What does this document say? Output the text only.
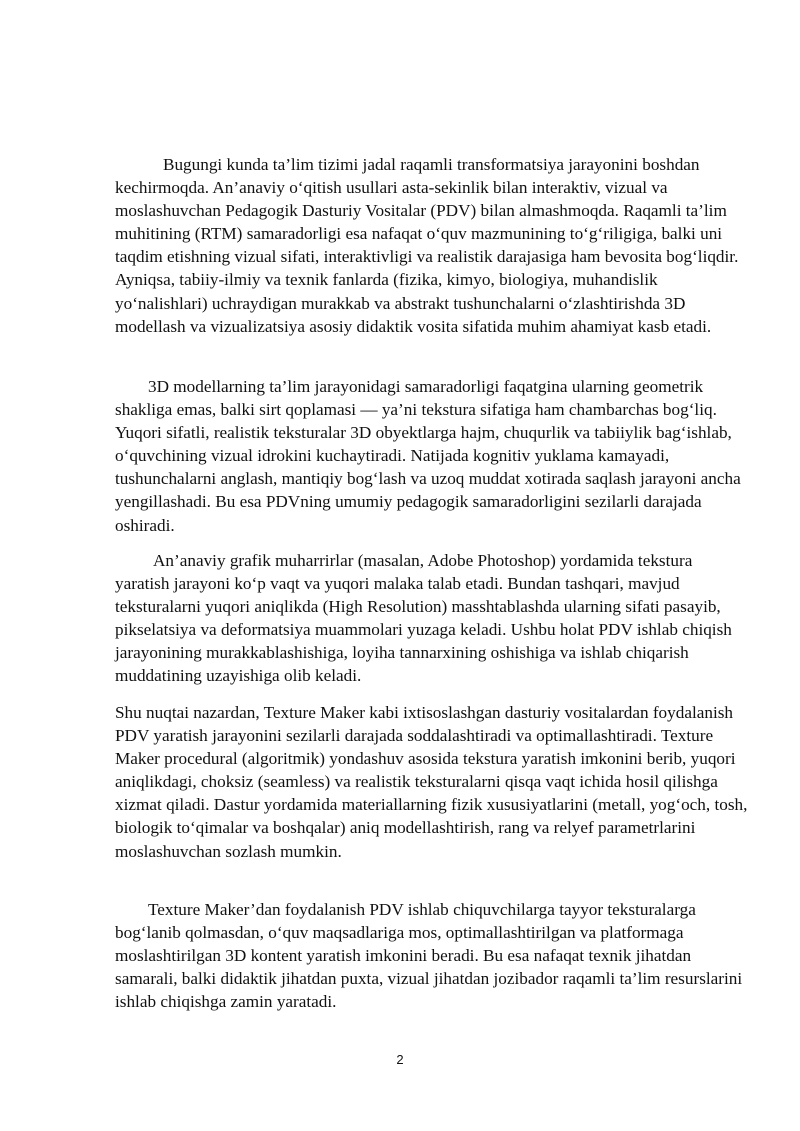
Bugungi kunda ta’lim tizimi jadal raqamli transformatsiya jarayonini boshdan kechirmoqda. An’anaviy o‘qitish usullari asta-sekinlik bilan interaktiv, vizual va moslashuvchan Pedagogik Dasturiy Vositalar (PDV) bilan almashmoqda. Raqamli ta’lim muhitining (RTM) samaradorligi esa nafaqat o‘quv mazmunining to‘g‘riligiga, balki uni taqdim etishning vizual sifati, interaktivligi va realistik darajasiga ham bevosita bog‘liqdir. Ayniqsa, tabiiy-ilmiy va texnik fanlarda (fizika, kimyo, biologiya, muhandislik yo‘nalishlari) uchraydigan murakkab va abstrakt tushunchalarni o‘zlashtirishda 3D modellash va vizualizatsiya asosiy didaktik vosita sifatida muhim ahamiyat kasb etadi.

3D modellarning ta’lim jarayonidagi samaradorligi faqatgina ularning geometrik shakliga emas, balki sirt qoplamasi — ya’ni tekstura sifatiga ham chambarchas bog‘liq. Yuqori sifatli, realistik teksturalar 3D obyektlarga hajm, chuqurlik va tabiiylik bag‘ishlab, o‘quvchining vizual idrokini kuchaytiradi. Natijada kognitiv yuklama kamayadi, tushunchalarni anglash, mantiqiy bog‘lash va uzoq muddat xotirada saqlash jarayoni ancha yengillashadi. Bu esa PDVning umumiy pedagogik samaradorligini sezilarli darajada oshiradi.

An’anaviy grafik muharrirlar (masalan, Adobe Photoshop) yordamida tekstura yaratish jarayoni ko‘p vaqt va yuqori malaka talab etadi. Bundan tashqari, mavjud teksturalarni yuqori aniqlikda (High Resolution) masshtablashda ularning sifati pasayib, pikselatsiya va deformatsiya muammolari yuzaga keladi. Ushbu holat PDV ishlab chiqish jarayonining murakkablashishiga, loyiha tannarxining oshishiga va ishlab chiqarish muddatining uzayishiga olib keladi.

Shu nuqtai nazardan, Texture Maker kabi ixtisoslashgan dasturiy vositalardan foydalanish PDV yaratish jarayonini sezilarli darajada soddalashtiradi va optimallashtiradi. Texture Maker procedural (algoritmik) yondashuv asosida tekstura yaratish imkonini berib, yuqori aniqlikdagi, choksiz (seamless) va realistik teksturalarni qisqa vaqt ichida hosil qilishga xizmat qiladi. Dastur yordamida materiallarning fizik xususiyatlarini (metall, yog‘och, tosh, biologik to‘qimalar va boshqalar) aniq modellashtirish, rang va relyef parametrlarini moslashuvchan sozlash mumkin.

Texture Maker’dan foydalanish PDV ishlab chiquvchilarga tayyor teksturalarga bog‘lanib qolmasdan, o‘quv maqsadlariga mos, optimallashtirilgan va platformaga moslashtirilgan 3D kontent yaratish imkonini beradi. Bu esa nafaqat texnik jihatdan samarali, balki didaktik jihatdan puxta, vizual jihatdan jozibador raqamli ta’lim resurslarini ishlab chiqishga zamin yaratadi.

2
